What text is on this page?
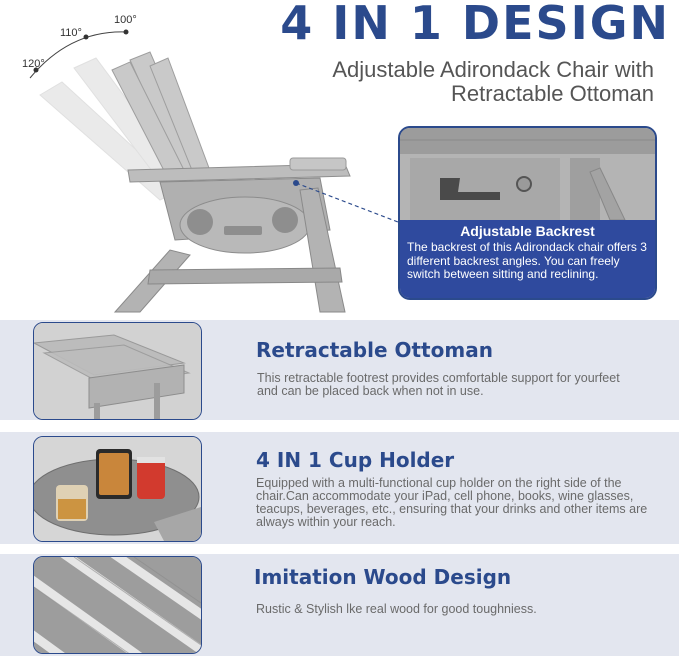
4 IN 1 DESIGN
Adjustable Adirondack Chair with
Retractable Ottoman
100°
110°
120°
Adjustable Backrest
The backrest of this Adirondack chair offers 3 different backrest angles. You can freely switch between sitting and reclining.
Retractable Ottoman
This retractable footrest provides comfortable support for yourfeet and can be placed back when not in use.
4 IN 1 Cup Holder
Equipped with a multi-functional cup holder on the right side of the chair.Can accommodate your iPad, cell phone, books, wine glasses, teacups, beverages, etc., ensuring that your drinks and other items are always within your reach.
Imitation Wood Design
Rustic & Stylish lke real wood for good toughniess.
